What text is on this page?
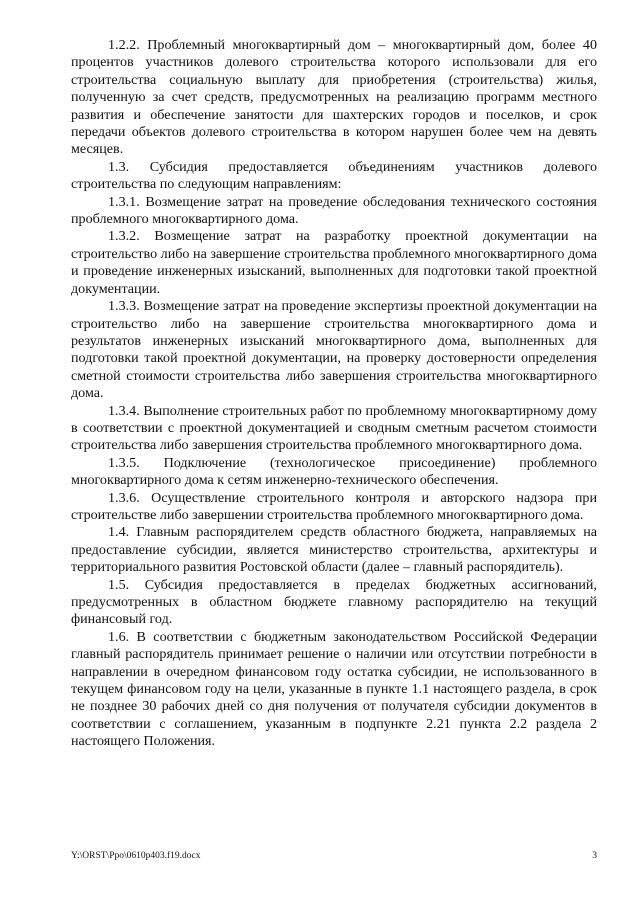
1.2.2. Проблемный многоквартирный дом – многоквартирный дом, более 40 процентов участников долевого строительства которого использовали для его строительства социальную выплату для приобретения (строительства) жилья, полученную за счет средств, предусмотренных на реализацию программ местного развития и обеспечение занятости для шахтерских городов и поселков, и срок передачи объектов долевого строительства в котором нарушен более чем на девять месяцев.

1.3. Субсидия предоставляется объединениям участников долевого строительства по следующим направлениям:

1.3.1. Возмещение затрат на проведение обследования технического состояния проблемного многоквартирного дома.

1.3.2. Возмещение затрат на разработку проектной документации на строительство либо на завершение строительства проблемного многоквартирного дома и проведение инженерных изысканий, выполненных для подготовки такой проектной документации.

1.3.3. Возмещение затрат на проведение экспертизы проектной документации на строительство либо на завершение строительства многоквартирного дома и результатов инженерных изысканий многоквартирного дома, выполненных для подготовки такой проектной документации, на проверку достоверности определения сметной стоимости строительства либо завершения строительства многоквартирного дома.

1.3.4. Выполнение строительных работ по проблемному многоквартирному дому в соответствии с проектной документацией и сводным сметным расчетом стоимости строительства либо завершения строительства проблемного многоквартирного дома.

1.3.5. Подключение (технологическое присоединение) проблемного многоквартирного дома к сетям инженерно-технического обеспечения.

1.3.6. Осуществление строительного контроля и авторского надзора при строительстве либо завершении строительства проблемного многоквартирного дома.

1.4. Главным распорядителем средств областного бюджета, направляемых на предоставление субсидии, является министерство строительства, архитектуры и территориального развития Ростовской области (далее – главный распорядитель).

1.5. Субсидия предоставляется в пределах бюджетных ассигнований, предусмотренных в областном бюджете главному распорядителю на текущий финансовый год.

1.6. В соответствии с бюджетным законодательством Российской Федерации главный распорядитель принимает решение о наличии или отсутствии потребности в направлении в очередном финансовом году остатка субсидии, не использованного в текущем финансовом году на цели, указанные в пункте 1.1 настоящего раздела, в срок не позднее 30 рабочих дней со дня получения от получателя субсидии документов в соответствии с соглашением, указанным в подпункте 2.21 пункта 2.2 раздела 2 настоящего Положения.

Y:\ORST\Ppo\0610p403.f19.docx	3
